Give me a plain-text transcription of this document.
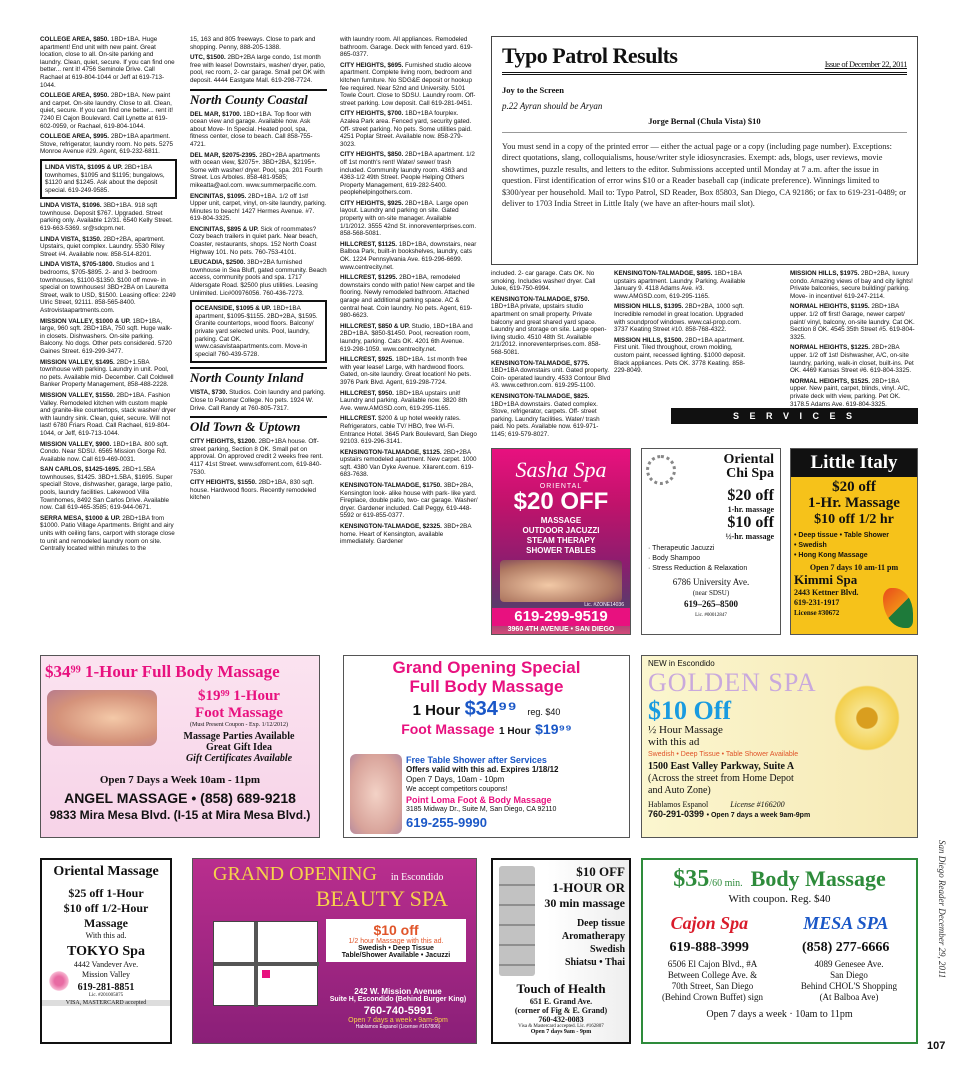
COLLEGE AREA, $850. 1BD+1BA. Huge apartment! End unit with new paint. Great location, close to all. On-site parking and laundry. Clean, quiet, secure. If you can find one better... rent it! 4756 Seminole Drive. Call Rachael at 619-804-1044 or Jeff at 619-713-1044.

COLLEGE AREA, $950. 2BD+1BA. New paint and carpet. On-site laundry. Close to all. Clean, quiet, secure. If you can find one better... rent it! 7240 El Cajon Boulevard. Call Lynette at 619-602-0959, or Rachael, 619-804-1044.

COLLEGE AREA, $995. 2BD+1BA apartment. Stove, refrigerator, laundry room. No pets. 5275 Monroe Avenue #29. Agent, 619-232-6811.

LINDA VISTA, $1095 & UP. 2BD+1BA townhomes, $1095 and $1195; bungalows, $1120 and $1245. Ask about the deposit special. 619-249-9585.

LINDA VISTA, $1096. 3BD+1BA. 918 sqft townhouse. Deposit $767. Upgraded. Street parking only. Available 12/31. 6540 Kelly Street. 619-663-5369. sr@sdcpm.net.

LINDA VISTA, $1350. 2BD+2BA, apartment. Upstairs, quiet complex. Laundry. 5530 Riley Street #4. Available now. 858-514-8201.

LINDA VISTA, $705-1800. Studios and 1 bedrooms, $705-$895. 2- and 3- bedroom townhouses, $1100-$1350. $100 off move- in special on townhouses! 3BD+2BA on Lauretta Street, walk to USD, $1500. Leasing office: 2249 Ulric Street, 92111. 858-565-8400. Astrovistaapartments.com.

MISSION VALLEY, $1000 & UP. 1BD+1BA, large, 960 sqft. 2BD+1BA, 750 sqft. Huge walk-in closets. Dishwashers. On-site parking. Balcony. No dogs. Other pets considered. 5720 Gaines Street. 619-299-3477.

MISSION VALLEY, $1495. 2BD+1.5BA townhouse with parking. Laundry in unit. Pool, no pets. Available mid- December. Call Coldwell Banker Property Management, 858-488-2228.

MISSION VALLEY, $1550. 2BD+1BA. Fashion Valley. Remodeled kitchen with custom maple and granite-like countertops, stack washer/ dryer with laundry sink. Clean, quiet, secure. Will not last! 6780 Friars Road. Call Rachael, 619-804-1044, or Jeff, 619-713-1044.

MISSION VALLEY, $900. 1BD+1BA. 800 sqft. Condo. Near SDSU. 6565 Mission Gorge Rd. Available now. Call 619-469-0031.

SAN CARLOS, $1425-1695. 2BD+1.5BA townhouses, $1425. 3BD+1.5BA, $1695. Super special! Stove, dishwasher, garage, large patio, pools, laundry facilities. Lakewood Villa Townhomes, 8492 San Carlos Drive. Available now. Call 619-465-3585; 619-944-0671.

SERRA MESA, $1000 & UP. 2BD+1BA from $1000. Patio Village Apartments. Bright and airy units with ceiling fans, carport with storage close to unit and remodeled laundry room on site. Centrally located within minutes to the

15, 163 and 805 freeways. Close to park and shopping. Penny, 888-205-1388.

UTC, $1500. 2BD+2BA large condo, 1st month free with lease! Downstairs, washer/ dryer, patio, pool, rec room, 2- car garage. Small pet OK with deposit. 4444 Eastgate Mall. 619-298-7724.

North County Coastal

DEL MAR, $1700. 1BD+1BA. Top floor with ocean view and garage. Available now. Ask about Move- In Special. Heated pool, spa, fitness center, close to beach. Call 858-755-4721.

DEL MAR, $2075-2395. 2BD+2BA apartments with ocean view, $2075+. 3BD+2BA, $2195+. Some with washer/ dryer. Pool, spa. 201 Fourth Street. Los Arboles. 858-481-9585; mikeatta@aol.com. www.summerpacific.com.

ENCINITAS, $1095. 2BD+1BA. 1/2 off 1st! Upper unit, carpet, vinyl, on-site laundry, parking. Minutes to beach! 1427 Hermes Avenue. #7. 619-804-3325.

ENCINITAS, $895 & UP. Sick of roommates? Cozy beach trailers in quiet park. Near beach, Coaster, restaurants, shops. 152 North Coast Highway 101. No pets. 760-753-4101.

LEUCADIA, $2500. 3BD+2BA furnished townhouse in Sea Bluff, gated community. Beach access, community pools and spa. 1717 Aldersgate Road. $2500 plus utilities. Leasing Unlimited. Lic#00976056. 760-436-7273.

OCEANSIDE, $1095 & UP. 1BD+1BA apartment, $1095-$1155. 2BD+2BA, $1595. Granite countertops, wood floors. Balcony/ private yard selected units. Pool, laundry, parking. Cat OK. www.casavistaapartments.com. Move-in special! 760-439-5728.

North County Inland

VISTA, $730. Studios. Coin laundry and parking. Close to Palomar College. No pets. 1924 W. Drive. Call Randy at 760-805-7317.

Old Town & Uptown

CITY HEIGHTS, $1200. 2BD+1BA house. Off- street parking, Section 8 OK. Small pet on approval. On approved credit 2 weeks free rent. 4117 41st Street. www.sdforrent.com, 619-840-7530.

CITY HEIGHTS, $1550. 2BD+1BA, 830 sqft. house. Hardwood floors. Recently remodeled kitchen

with laundry room. All appliances. Remodeled bathroom. Garage. Deck with fenced yard. 619-865-0377.

CITY HEIGHTS, $695. Furnished studio alcove apartment. Complete living room, bedroom and kitchen furniture. No SDG&E deposit or hookup fee required. Near 52nd and University. 5101 Towle Court. Close to SDSU. Laundry room. Off- street parking. Low deposit. Call 619-281-9451.

CITY HEIGHTS, $700. 1BD+1BA fourplex. Azalea Park area. Fenced yard, security gated. Off- street parking. No pets. Some utilities paid. 4251 Poplar Street. Available now. 858-279-3023.

CITY HEIGHTS, $850. 2BD+1BA apartment. 1/2 off 1st month's rent! Water/ sewer/ trash included. Community laundry room. 4363 and 4363-1/2 49th Street. People Helping Others Property Management, 619-282-5400. peoplehelpingothers.com.

CITY HEIGHTS, $925. 2BD+1BA. Large open layout. Laundry and parking on site. Gated property with on-site manager. Available 1/1/2012. 3555 42nd St. innoreventerprises.com. 858-568-5081.

HILLCREST, $1125. 1BD+1BA, downstairs, near Balboa Park, built-in bookshelves, laundry, cats OK. 1224 Pennsylvania Ave. 619-296-6699. www.centrecity.net.

HILLCREST, $1295. 2BD+1BA, remodeled downstairs condo with patio! New carpet and tile flooring. Newly remodeled bathroom. Attached garage and additional parking space. AC & central heat. Coin laundry. No pets. Agent, 619-980-6623.

HILLCREST, $850 & UP. Studio, 1BD+1BA and 2BD+1BA. $850-$1450. Pool, recreation room, laundry, parking. Cats OK. 4201 6th Avenue. 619-298-1059. www.centrecity.net.

HILLCREST, $925. 1BD+1BA. 1st month free with year lease! Large, with hardwood floors. Gated, on-site laundry. Great location! No pets. 3976 Park Blvd. Agent, 619-298-7724.

HILLCREST, $950. 1BD+1BA upstairs unit! Laundry and parking. Available now. 3820 8th Ave. www.AMGSD.com, 619-295-1165.

HILLCREST. $200 & up hotel weekly rates. Refrigerators, cable TV/ HBO, free Wi-Fi. Entrance Hotel. 3645 Park Boulevard, San Diego 92103. 619-296-3141.

KENSINGTON-TALMADGE, $1125. 2BD+2BA upstairs remodeled apartment. New carpet. 1000 sqft. 4380 Van Dyke Avenue. Xilarent.com. 619-683-7638.

KENSINGTON-TALMADGE, $1750. 3BD+2BA, Kensington look- alike house with park- like yard. Fireplace, double patio, two- car garage. Washer/ dryer. Gardener included. Call Peggy, 619-448-5592 or 619-855-0377.

KENSINGTON-TALMADGE, $2325. 3BD+2BA home. Heart of Kensington, available immediately. Gardener

included. 2- car garage. Cats OK. No smoking. Includes washer/ dryer. Call Julee, 619-750-6994.

KENSINGTON-TALMADGE, $750. 1BD+1BA private, upstairs studio apartment on small property. Private balcony and great shared yard space. Laundry and storage on site. Large open- living studio. 4510 48th St. Available 2/1/2012. innoreventerprises.com. 858-568-5081.

KENSINGTON-TALMADGE, $775. 1BD+1BA downstairs unit. Gated property. Coin- operated laundry. 4533 Contour Blvd #3. www.cethron.com. 619-295-1100.

KENSINGTON-TALMADGE, $825. 1BD+1BA downstairs. Gated complex. Stove, refrigerator, carpets. Off- street parking. Laundry facilities. Water/ trash paid. No pets. Available now. 619-971-1145; 619-579-8027.

KENSINGTON-TALMADGE, $895. 1BD+1BA upstairs apartment. Laundry. Parking. Available January 9. 4118 Adams Ave. #3. www.AMGSD.com, 619-295-1165.

MISSION HILLS, $1395. 2BD+2BA, 1000 sqft. Incredible remodel in great location. Upgraded with soundproof windows. www.cal-prop.com. 3737 Keating Street #10. 858-768-4322.

MISSION HILLS, $1500. 2BD+1BA apartment. First unit. Tiled throughout, crown molding, custom paint, recessed lighting. $1000 deposit. Black appliances. Pets OK. 3778 Keating. 858-229-8049.

MISSION HILLS, $1975. 2BD+2BA, luxury condo. Amazing views of bay and city lights! Private balconies, secure building/ parking. Move- in incentive! 619-247-2114.

NORMAL HEIGHTS, $1195. 2BD+1BA upper. 1/2 off first! Garage, newer carpet/ paint/ vinyl, balcony, on-site laundry. Cat OK. Section 8 OK. 4545 35th Street #5. 619-804-3325.

NORMAL HEIGHTS, $1225. 2BD+2BA upper. 1/2 off 1st! Dishwasher, A/C, on-site laundry, parking, walk-in closet, built-ins. Pet OK. 4469 Kansas Street #6. 619-804-3325.

NORMAL HEIGHTS, $1525. 2BD+1BA upper. New paint, carpet, blinds, vinyl. A/C, private deck with view, parking. Pet OK. 3178.5 Adams Ave. 619-804-3325.

Typo Patrol Results	Issue of December 22, 2011
Joy to the Screen
p.22 Ayran should be Aryan
Jorge Bernal (Chula Vista) $10
You must send in a copy of the printed error — either the actual page or a copy (including page number). Exceptions: direct quotations, slang, colloquialisms, house/writer style idiosyncrasies. Exempt: ads, blogs, user reviews, movie showtimes, puzzle results, and letters to the editor. Submissions accepted until Monday at 7 a.m. after the issue in question. First identification of error wins $10 or a Reader baseball cap (indicate preference). Winnings limited to $300/year per household. Mail to: Typo Patrol, SD Reader, Box 85803, San Diego, CA 92186; or fax to 619-231-0489; or deliver to 1703 India Street in Little Italy (we have an after-hours mail slot).
S E R V I C E S
Sasha Spa
ORIENTAL
$20 OFF
MASSAGE
OUTDOOR JACUZZI
STEAM THERAPY
SHOWER TABLES
Lic. #ZONE14036
619-299-9519
3960 4TH AVENUE • SAN DIEGO
Oriental
Chi Spa
$20 off
1-hr. massage
$10 off
½-hr. massage
· Therapeutic Jacuzzi
· Body Shampoo
· Stress Reduction & Relaxation
6786 University Ave.
(near SDSU)
619–265–8500
Lic. #00012847
Little Italy
$20 off
1-Hr. Massage
$10 off 1/2 hr
• Deep tissue • Table Shower
• Swedish
• Hong Kong Massage
Open 7 days 10 am-11 pm
Kimmi Spa
2443 Kettner Blvd.
619-231-1917
License #30672
$34⁹⁹ 1-Hour Full Body Massage
$19⁹⁹ 1-Hour
Foot Massage
(Must Present Coupon - Exp. 1/12/2012)
Massage Parties Available
Great Gift Idea
Gift Certificates Available
Open 7 Days a Week 10am - 11pm
ANGEL MASSAGE • (858) 689-9218
9833 Mira Mesa Blvd. (I-15 at Mira Mesa Blvd.)
Grand Opening Special
Full Body Massage
1 Hour $34⁹⁹ reg. $40
Foot Massage 1 Hour $19⁹⁹
Free Table Shower after Services
Offers valid with this ad. Expires 1/18/12
Open 7 Days, 10am - 10pm
We accept competitors coupons!
Point Loma Foot & Body Massage
3185 Midway Dr., Suite M, San Diego, CA 92110
619-255-9990
NEW in Escondido
GOLDEN SPA
$10 Off
½ Hour Massage
with this ad
Swedish • Deep Tissue • Table Shower Available
1500 East Valley Parkway, Suite A
(Across the street from Home Depot
and Auto Zone)
Hablamos Espanol	License #166200
760-291-0399 • Open 7 days a week 9am-9pm
Oriental Massage
$25 off 1-Hour
$10 off 1/2-Hour
Massage
With this ad.
TOKYO Spa
4442 Vandever Ave.
Mission Valley
619-281-8851
Lic. #201005875
VISA, MASTERCARD accepted
GRAND OPENING in Escondido
BEAUTY SPA
$10 off
1/2 hour Massage with this ad.
Swedish • Deep Tissue
Table/Shower Available • Jacuzzi
242 W. Mission Avenue
Suite H, Escondido (Behind Burger King)
760-740-5991
Open 7 days a week • 9am-9pm
Hablamos Espanol (License #167806)
$10 OFF
1-HOUR OR
30 min massage
Deep tissue
Aromatherapy
Swedish
Shiatsu • Thai
Touch of Health
651 E. Grand Ave.
(corner of Fig & E. Grand)
760-432-0083
Visa & Mastercard accepted. Lic. #162807
Open 7 days 9am - 9pm
$35/60 min. Body Massage
With coupon. Reg. $40
Cajon Spa	MESA SPA
619-888-3999	(858) 277-6666
6506 El Cajon Blvd., #A
Between College Ave. &
70th Street, San Diego
(Behind Crown Buffet) sign
4089 Genesee Ave.
San Diego
Behind CHOL'S Shopping
(At Balboa Ave)
Open 7 days a week · 10am to 11pm
San Diego Reader December 29, 2011
107
